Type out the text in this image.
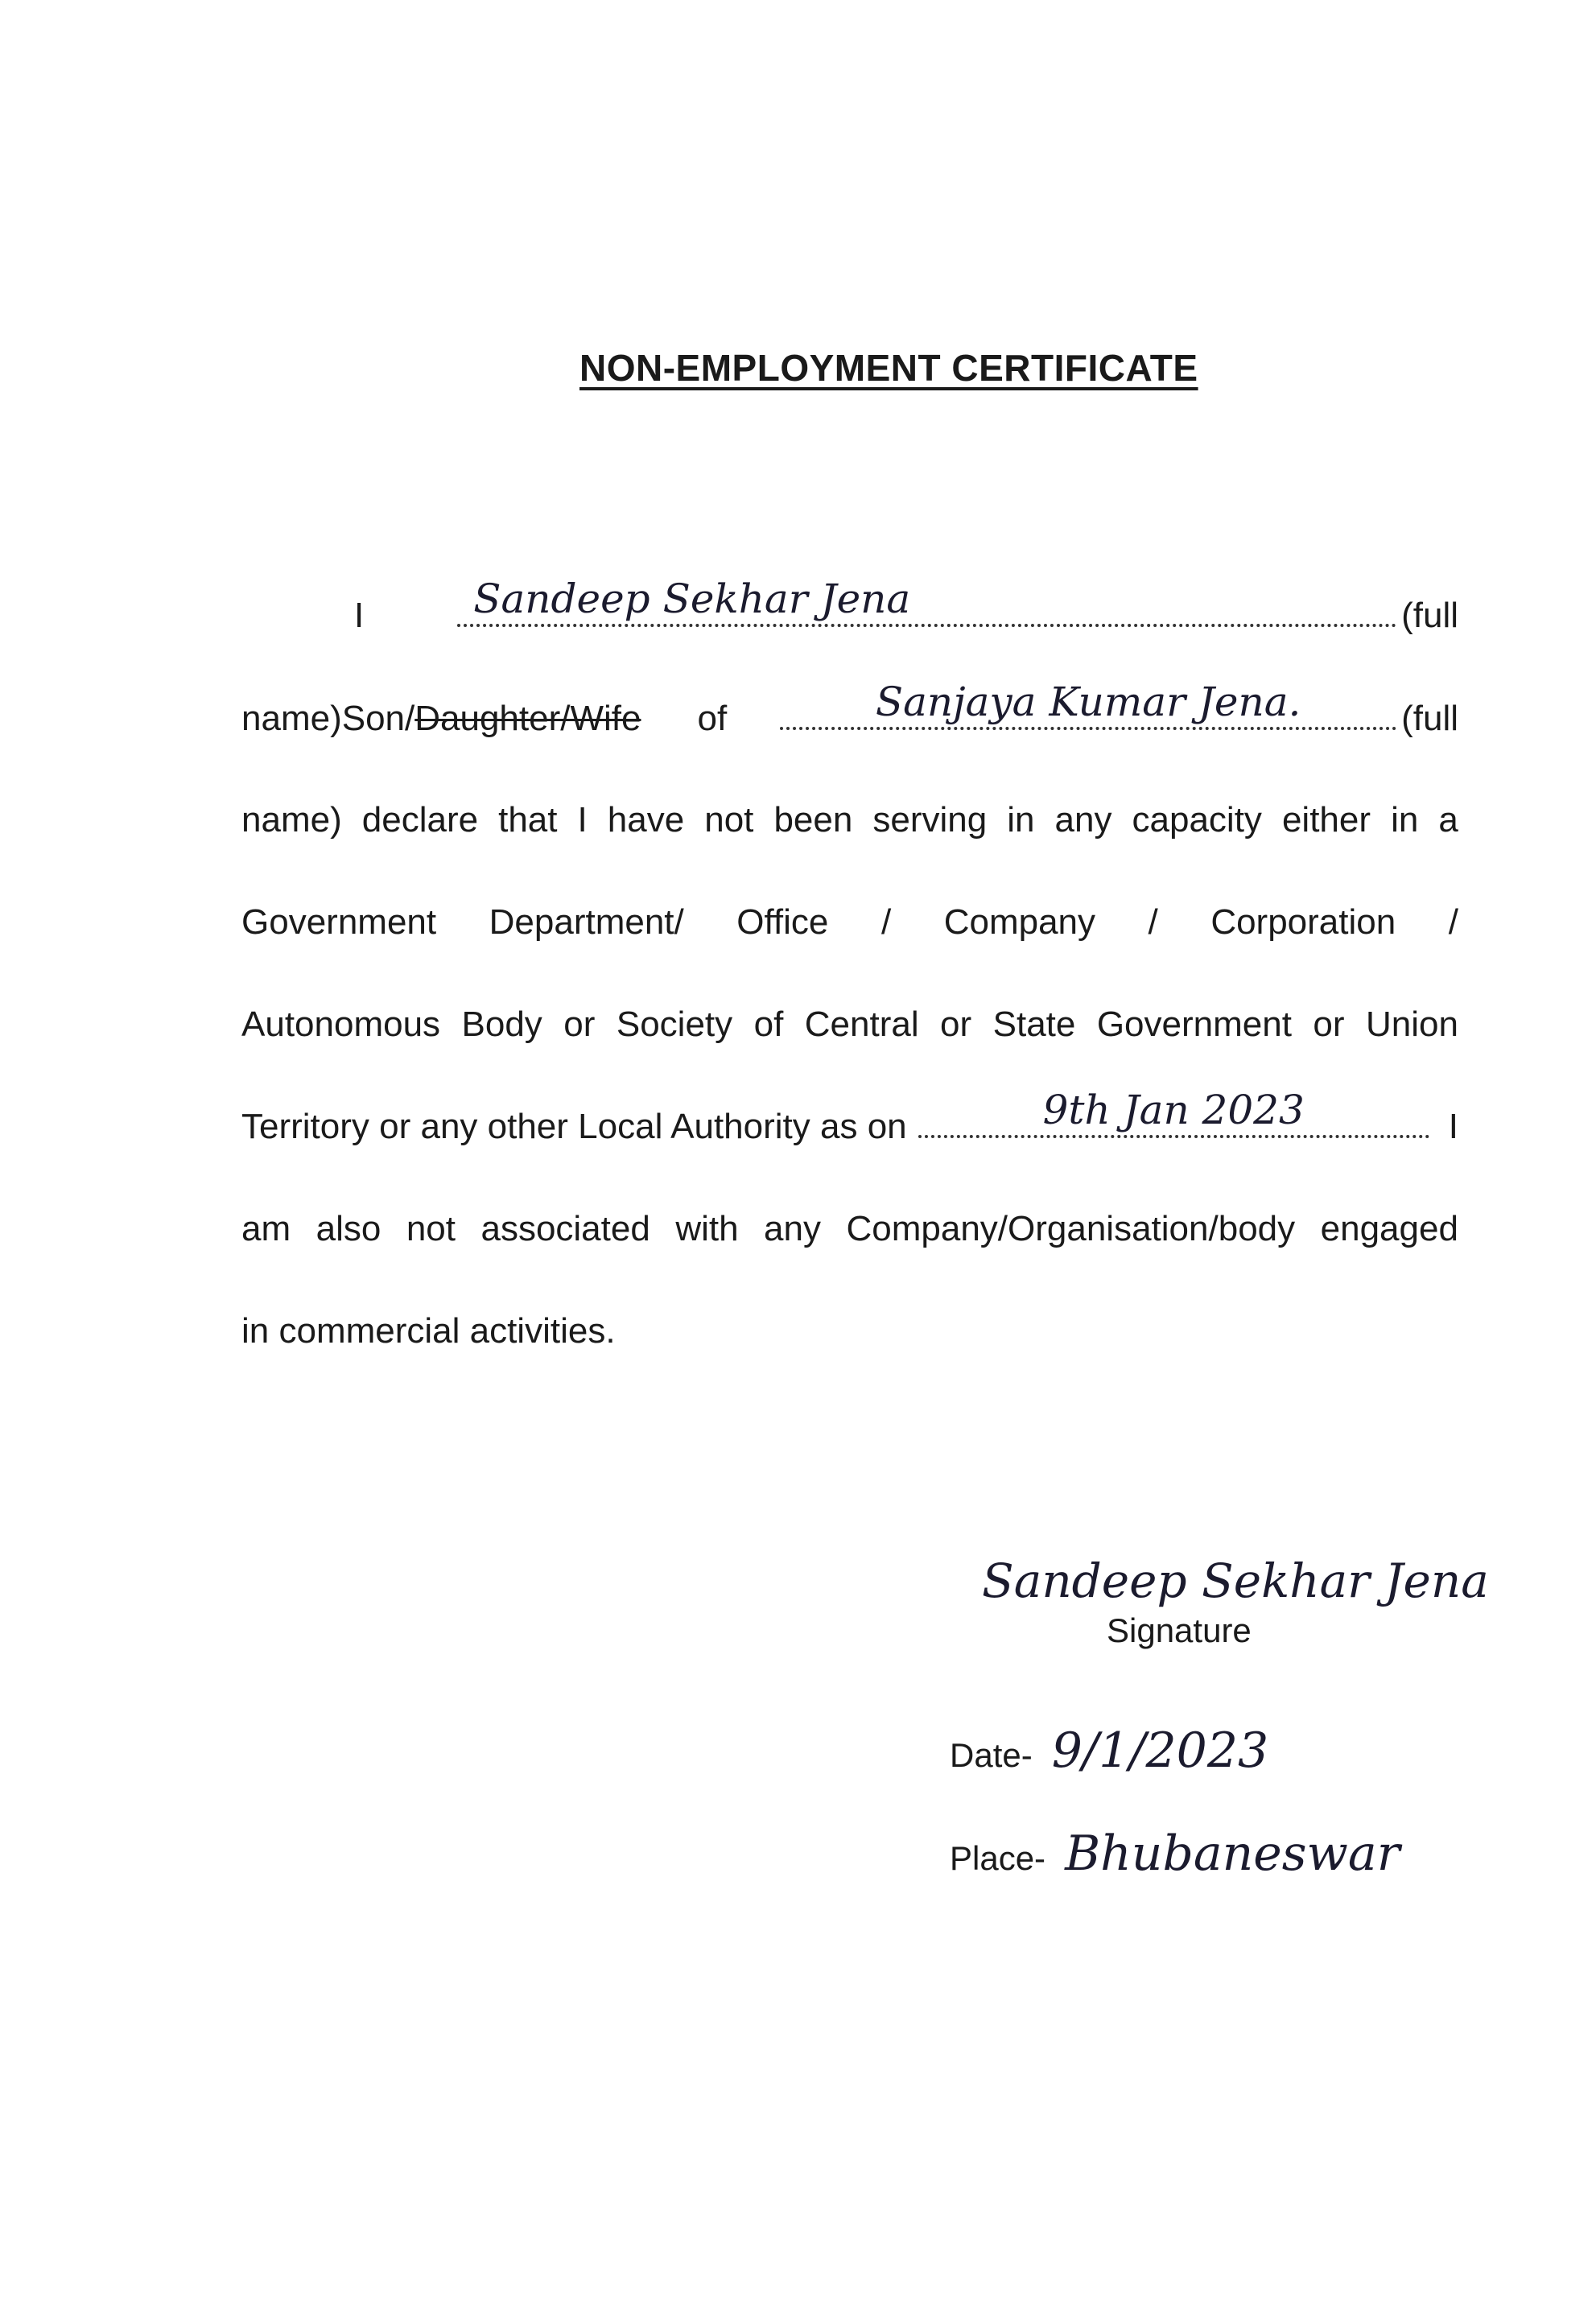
NON-EMPLOYMENT CERTIFICATE
I	Sandeep Sekhar Jena	(full
name)Son/ Daughter/Wife of	Sanjaya Kumar Jena.	(full
name) declare that I have not been serving in any capacity either in a
Government Department/ Office / Company / Corporation /
Autonomous Body or Society of Central or State Government or Union
Territory or any other Local Authority as on	9th Jan 2023	I
am also not associated with any Company/Organisation/body engaged
in commercial activities.
Sandeep Sekhar Jena
Signature
Date- 9/1/2023
Place- Bhubaneswar
